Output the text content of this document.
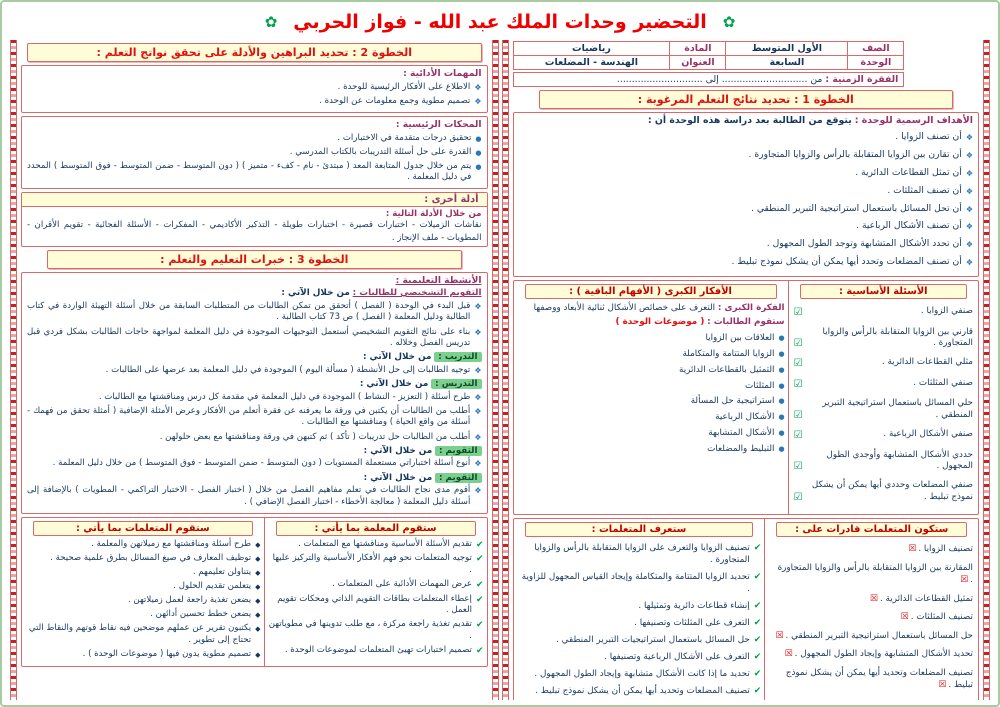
✿
التحضير وحدات الملك عبد الله - فواز الحربي
✿
الصف	الأول المتوسط	المادة	رياضيات
الوحدة	السابعة	العنوان	الهندسة - المضلعات
الفقرة الزمنية : من ............................. إلى .............................
الخطوة 1 : تحديد نتائج التعلم المرغوبة :
الأهداف الرسمية للوحدة : يتوقع من الطالبة بعد دراسة هذه الوحدة أن :
❖
أن تصنف الزوايا .
❖
أن تقارن بين الزوايا المتقابلة بالرأس والزوايا المتجاورة .
❖
أن تمثل القطاعات الدائرية .
❖
أن تصنف المثلثات .
❖
أن تحل المسائل باستعمال استراتيجية التبرير المنطقي .
❖
أن تصنف الأشكال الرباعية .
❖
أن تحدد الأشكال المتشابهة وتوجد الطول المجهول .
❖
أن تصنف المضلعات وتحدد أيها يمكن أن يشكل نموذج تبليط .
الأسئلة الأساسية :
صنفي الزوايا .
☑
قارني بين الزوايا المتقابلة بالرأس والزوايا المتجاورة .
☑
مثلي القطاعات الدائرية .
☑
صنفي المثلثات .
☑
حلي المسائل باستعمال استراتيجية التبرير المنطقي .
☑
صنفي الأشكال الرباعية .
☑
حددي الأشكال المتشابهة وأوجدي الطول المجهول .
☑
صنفي المضلعات وحددي أيها يمكن أن يشكل نموذج تبليط .
☑
الأفكار الكبرى ( الأفهام الباقية ) :
الفكرة الكبرى : التعرف على خصائص الأشكال ثنائية الأبعاد ووصفها
ستقوم الطالبات : ( موضوعات الوحدة )
●
العلاقات بين الزوايا
●
الزوايا المتتامة والمتكاملة
●
التمثيل بالقطاعات الدائرية
●
المثلثات
●
استراتيجية حل المسألة
●
الأشكال الرباعية
●
الأشكال المتشابهة
●
التبليط والمضلعات
ستكون المتعلمات قادرات على :
تصنيف الزوايا .☒
المقارنة بين الزوايا المتقابلة بالرأس والزوايا المتجاورة .☒
تمثيل القطاعات الدائرية .☒
تصنيف المثلثات .☒
حل المسائل باستعمال استراتيجية التبرير المنطقي .☒
تحديد الأشكال المتشابهة وإيجاد الطول المجهول .☒
تصنيف المضلعات وتحديد أيها يمكن أن يشكل نموذج تبليط .☒
ستعرف المتعلمات :
✔
تصنيف الزوايا والتعرف على الزوايا المتقابلة بالرأس والزوايا المتجاورة .
✔
تحديد الزوايا المتتامة والمتكاملة وإيجاد القياس المجهول للزاوية .
✔
إنشاء قطاعات دائرية وتمثيلها .
✔
التعرف على المثلثات وتصنيفها .
✔
حل المسائل باستعمال استراتيجيات التبرير المنطقي .
✔
التعرف على الأشكال الرباعية وتصنيفها .
✔
تحديد ما إذا كانت الأشكال متشابهة وإيجاد الطول المجهول .
✔
تصنيف المضلعات وتحديد أيها يمكن أن يشكل نموذج تبليط .
الخطوة 2 : تحديد البراهين والأدلة على تحقق نواتج التعلم :
المهمات الأدائية :
❖
الاطلاع على الأفكار الرئيسية للوحدة .
❖
تصميم مطوية وجمع معلومات عن الوحدة .
المحكات الرئيسية :
●
تحقيق درجات متقدمة في الاختبارات .
●
القدرة على حل أسئلة التدريبات بالكتاب المدرسي .
●
يتم من خلال جدول المتابعة المعد ( مبتدئ - نام - كفء - متميز ) ( دون المتوسط - ضمن المتوسط - فوق المتوسط ) المحدد في دليل المعلمة .
أدلة أخرى :
من خلال الأدلة التالية :
نقاشات الزميلات - اختبارات قصيرة - اختبارات طويلة - التذكير الأكاديمي - المفكرات - الأسئلة الفجائية - تقويم الأقران - المطويات - ملف الإنجاز .
الخطوة 3 : خبرات التعليم والتعلم :
الأنشطة التعليمية :
التقويم التشخيصي للطالبات : من خلال الآتي :
❖
قبل البدء في الوحدة ( الفصل ) أتحقق من تمكن الطالبات من المتطلبات السابقة من خلال أسئلة التهيئة الواردة في كتاب الطالبة ودليل المعلمة ( الفصل ) ص 73 كتاب الطالبة .
❖
بناء على نتائج التقويم التشخيصي أستعمل التوجيهات الموجودة في دليل المعلمة لمواجهة حاجات الطالبات بشكل فردي قبل تدريس الفصل وخلاله .
التدريب : من خلال الآتي :
❖
توجيه الطالبات إلى حل الأنشطة ( مسألة اليوم ) الموجودة في دليل المعلمة بعد عرضها على الطالبات .
التدريس : من خلال الآتي :
❖
طرح أسئلة ( التعزيز - النشاط ) الموجودة في دليل المعلمة في مقدمة كل درس ومناقشتها مع الطالبات .
❖
أطلب من الطالبات أن يكتبن في ورقة ما يعرفنه عن فقرة أتعلم من الأفكار وعرض الأمثلة الإضافية ( أمثلة تحقق من فهمك - أسئلة من واقع الحياة ) ومناقشتها مع الطالبات .
❖
أطلب من الطالبات حل تدريبات ( تأكد ) ثم كتبهن في ورقة ومناقشتها مع بعض حلولهن .
التقويم : من خلال الآتي :
❖
أنوع أسئلة اختباراتي مستعملة المستويات ( دون المتوسط - ضمن المتوسط - فوق المتوسط ) من خلال دليل المعلمة .
التقويم : من خلال الآتي :
❖
أقوم مدى نجاح الطالبات في تعلم مفاهيم الفصل من خلال ( اختبار الفصل - الاختبار التراكمي - المطويات ) بالإضافة إلى أسئلة دليل المعلمة ( معالجة الأخطاء - اختبار الفصل الإضافي ) .
ستقوم المعلمة بما يأتي :
✔
تقديم الأسئلة الأساسية ومناقشتها مع المتعلمات .
✔
توجيه المتعلمات نحو فهم الأفكار الأساسية والتركيز عليها .
✔
عرض المهمات الأدائية على المتعلمات .
✔
إعطاء المتعلمات بطاقات التقويم الذاتي ومحكات تقويم العمل .
✔
تقديم تغذية راجعة مركزة ، مع طلب تدوينها في مطوياتهن .
✔
تصميم اختبارات تهيئ المتعلمات لموضوعات الوحدة .
ستقوم المتعلمات بما يأتي :
◆
طرح أسئلة ومناقشتها مع زميلاتهن والمعلمة .
◆
توظيف المعارف في صيغ المسائل بطرق علمية صحيحة .
◆
يتناولن تعليمهم .
◆
يتعلمن تقديم الحلول .
◆
يضعن تغذية راجعة لعمل زميلاتهن .
◆
يضعن خطط تحسين أدائهن .
◆
يكتبون تقرير عن عملهم موضحين فيه نقاط قوتهم والنقاط التي تحتاج إلى تطوير .
◆
تصميم مطوية يدون فيها ( موضوعات الوحدة ) .
